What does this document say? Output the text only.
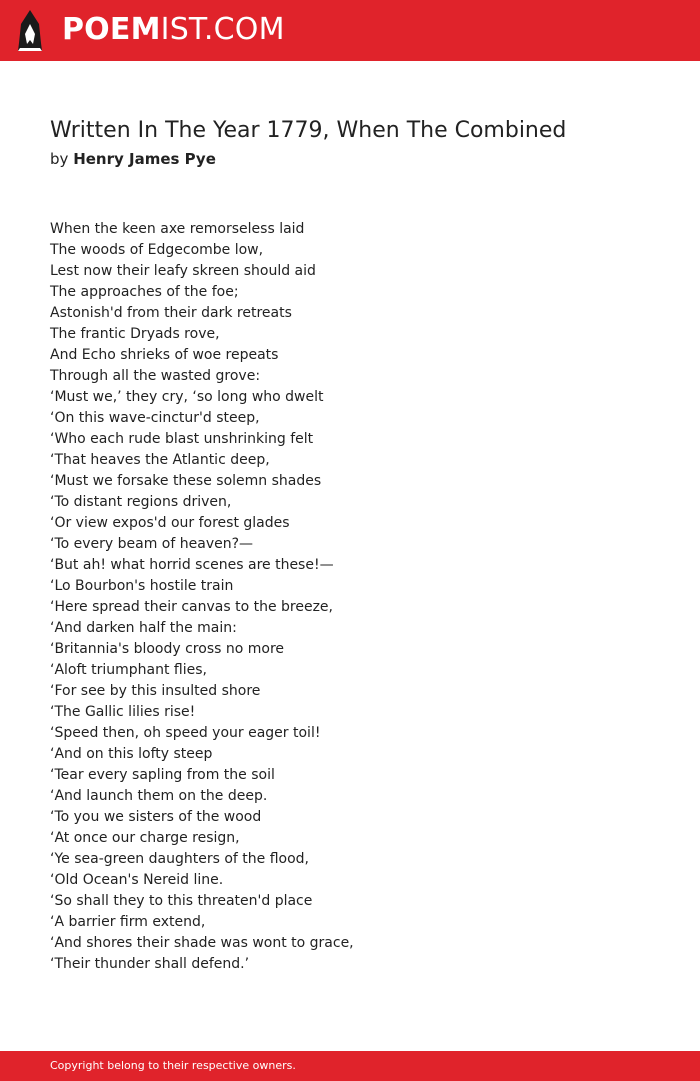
POEMIST.COM
Written In The Year 1779, When The Combined
by Henry James Pye
When the keen axe remorseless laid
The woods of Edgecombe low,
Lest now their leafy skreen should aid
The approaches of the foe;
Astonish'd from their dark retreats
The frantic Dryads rove,
And Echo shrieks of woe repeats
Through all the wasted grove:
‘Must we,’ they cry, ‘so long who dwelt
‘On this wave-cinctur'd steep,
‘Who each rude blast unshrinking felt
‘That heaves the Atlantic deep,
‘Must we forsake these solemn shades
‘To distant regions driven,
‘Or view expos'd our forest glades
‘To every beam of heaven?—
‘But ah! what horrid scenes are these!—
‘Lo Bourbon's hostile train
‘Here spread their canvas to the breeze,
‘And darken half the main:
‘Britannia's bloody cross no more
‘Aloft triumphant flies,
‘For see by this insulted shore
‘The Gallic lilies rise!
‘Speed then, oh speed your eager toil!
‘And on this lofty steep
‘Tear every sapling from the soil
‘And launch them on the deep.
‘To you we sisters of the wood
‘At once our charge resign,
‘Ye sea-green daughters of the flood,
‘Old Ocean's Nereid line.
‘So shall they to this threaten'd place
‘A barrier firm extend,
‘And shores their shade was wont to grace,
‘Their thunder shall defend.’
Copyright belong to their respective owners.
